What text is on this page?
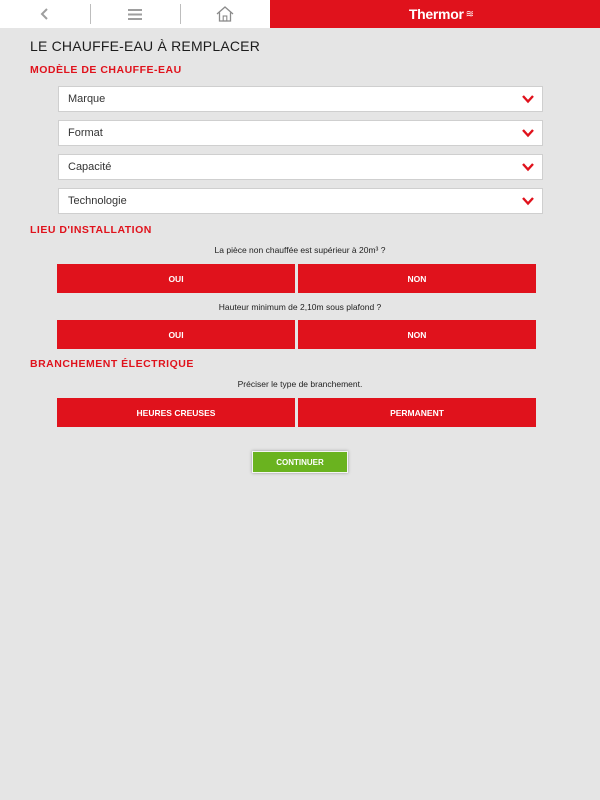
Thermor ≋
LE CHAUFFE-EAU À REMPLACER
MODÈLE DE CHAUFFE-EAU
Marque
Format
Capacité
Technologie
LIEU D'INSTALLATION
La pièce non chauffée est supérieur à 20m³ ?
OUI	NON
Hauteur minimum de 2,10m sous plafond ?
OUI	NON
BRANCHEMENT ÉLECTRIQUE
Préciser le type de branchement.
HEURES CREUSES	PERMANENT
CONTINUER
